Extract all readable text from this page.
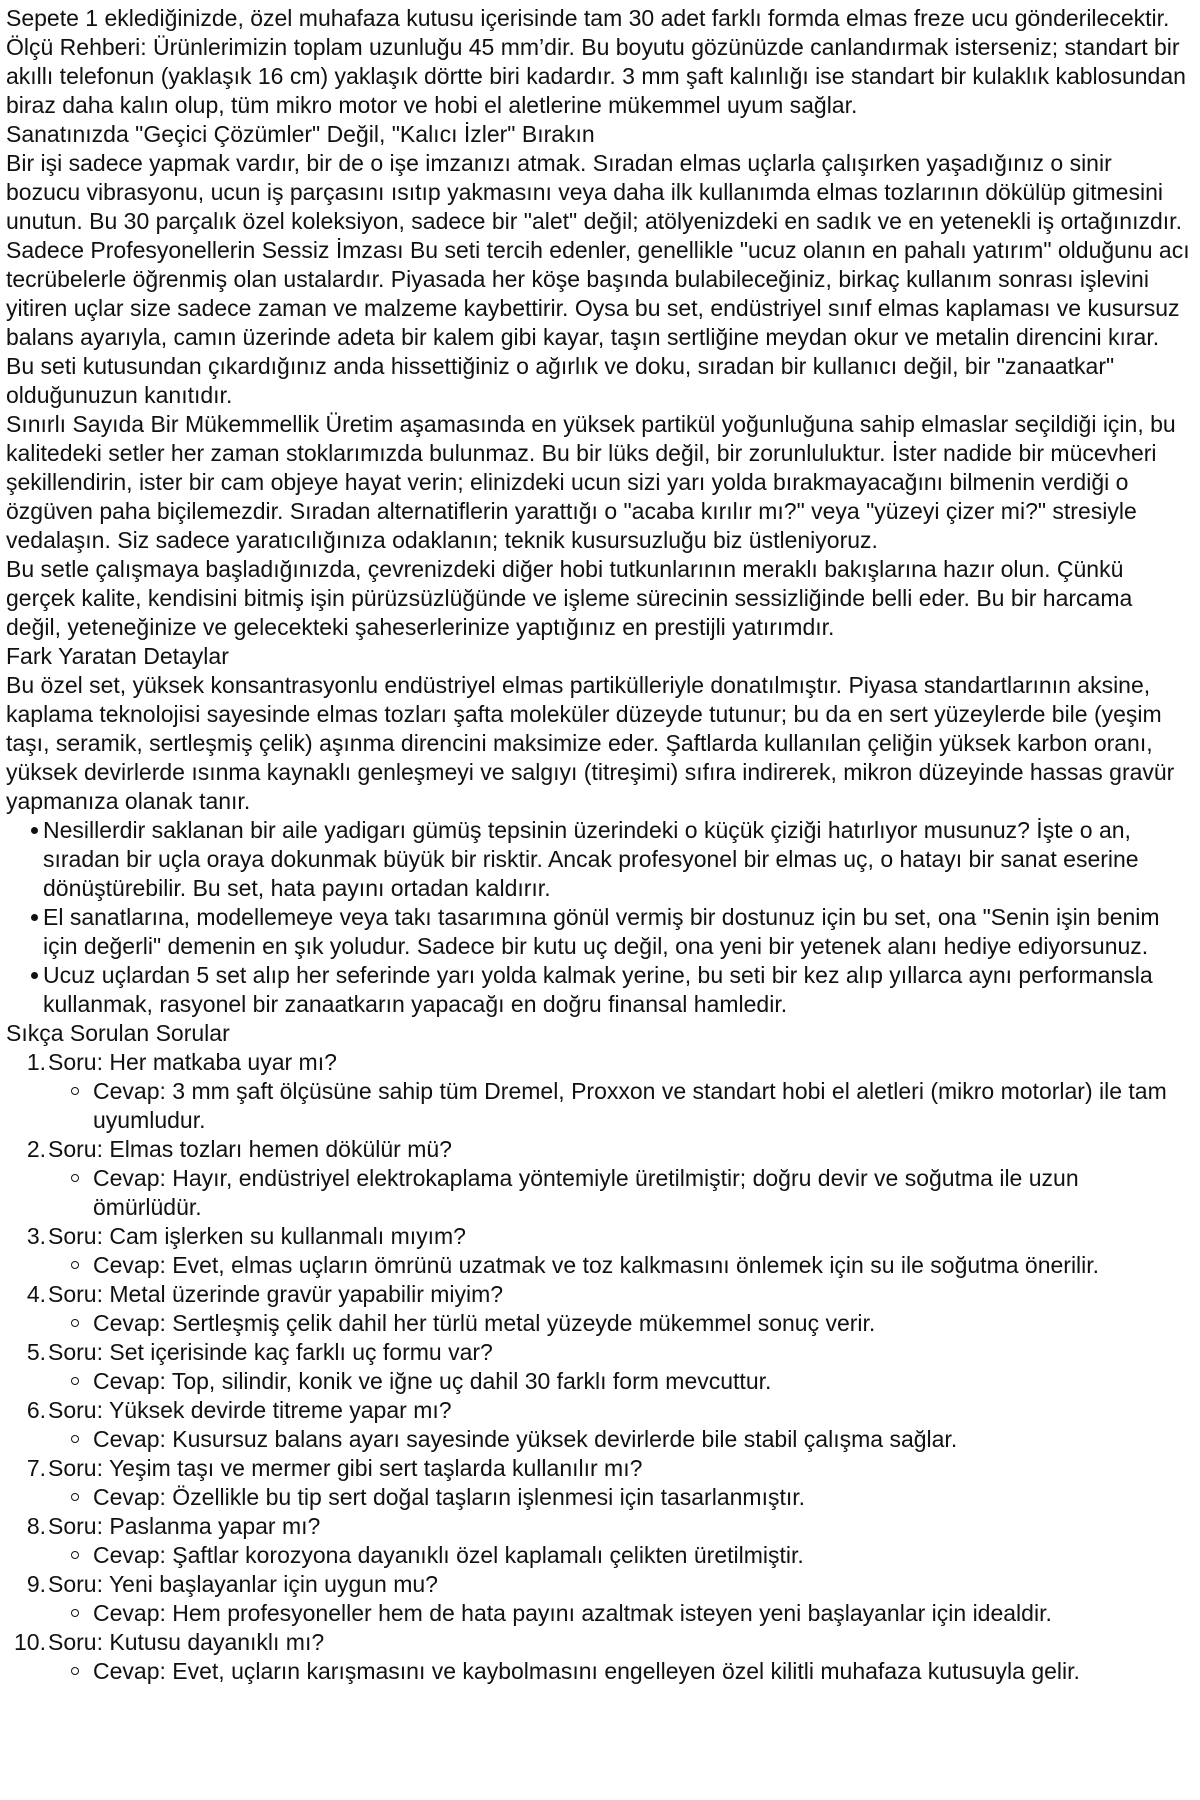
Sepete 1 eklediğinizde, özel muhafaza kutusu içerisinde tam 30 adet farklı formda elmas freze ucu gönderilecektir.

Ölçü Rehberi: Ürünlerimizin toplam uzunluğu 45 mm’dir. Bu boyutu gözünüzde canlandırmak isterseniz; standart bir akıllı telefonun (yaklaşık 16 cm) yaklaşık dörtte biri kadardır. 3 mm şaft kalınlığı ise standart bir kulaklık kablosundan biraz daha kalın olup, tüm mikro motor ve hobi el aletlerine mükemmel uyum sağlar.

Sanatınızda "Geçici Çözümler" Değil, "Kalıcı İzler" Bırakın

Bir işi sadece yapmak vardır, bir de o işe imzanızı atmak. Sıradan elmas uçlarla çalışırken yaşadığınız o sinir bozucu vibrasyonu, ucun iş parçasını ısıtıp yakmasını veya daha ilk kullanımda elmas tozlarının dökülüp gitmesini unutun. Bu 30 parçalık özel koleksiyon, sadece bir "alet" değil; atölyenizdeki en sadık ve en yetenekli iş ortağınızdır.

Sadece Profesyonellerin Sessiz İmzası Bu seti tercih edenler, genellikle "ucuz olanın en pahalı yatırım" olduğunu acı tecrübelerle öğrenmiş olan ustalardır. Piyasada her köşe başında bulabileceğiniz, birkaç kullanım sonrası işlevini yitiren uçlar size sadece zaman ve malzeme kaybettirir. Oysa bu set, endüstriyel sınıf elmas kaplaması ve kusursuz balans ayarıyla, camın üzerinde adeta bir kalem gibi kayar, taşın sertliğine meydan okur ve metalin direncini kırar. Bu seti kutusundan çıkardığınız anda hissettiğiniz o ağırlık ve doku, sıradan bir kullanıcı değil, bir "zanaatkar" olduğunuzun kanıtıdır.

Sınırlı Sayıda Bir Mükemmellik Üretim aşamasında en yüksek partikül yoğunluğuna sahip elmaslar seçildiği için, bu kalitedeki setler her zaman stoklarımızda bulunmaz. Bu bir lüks değil, bir zorunluluktur. İster nadide bir mücevheri şekillendirin, ister bir cam objeye hayat verin; elinizdeki ucun sizi yarı yolda bırakmayacağını bilmenin verdiği o özgüven paha biçilemezdir. Sıradan alternatiflerin yarattığı o "acaba kırılır mı?" veya "yüzeyi çizer mi?" stresiyle vedalaşın. Siz sadece yaratıcılığınıza odaklanın; teknik kusursuzluğu biz üstleniyoruz.

Bu setle çalışmaya başladığınızda, çevrenizdeki diğer hobi tutkunlarının meraklı bakışlarına hazır olun. Çünkü gerçek kalite, kendisini bitmiş işin pürüzsüzlüğünde ve işleme sürecinin sessizliğinde belli eder. Bu bir harcama değil, yeteneğinize ve gelecekteki şaheserlerinize yaptığınız en prestijli yatırımdır.

Fark Yaratan Detaylar

Bu özel set, yüksek konsantrasyonlu endüstriyel elmas partikülleriyle donatılmıştır. Piyasa standartlarının aksine, kaplama teknolojisi sayesinde elmas tozları şafta moleküler düzeyde tutunur; bu da en sert yüzeylerde bile (yeşim taşı, seramik, sertleşmiş çelik) aşınma direncini maksimize eder. Şaftlarda kullanılan çeliğin yüksek karbon oranı, yüksek devirlerde ısınma kaynaklı genleşmeyi ve salgıyı (titreşimi) sıfıra indirerek, mikron düzeyinde hassas gravür yapmanıza olanak tanır.

Nesillerdir saklanan bir aile yadigarı gümüş tepsinin üzerindeki o küçük çiziği hatırlıyor musunuz? İşte o an, sıradan bir uçla oraya dokunmak büyük bir risktir. Ancak profesyonel bir elmas uç, o hatayı bir sanat eserine dönüştürebilir. Bu set, hata payını ortadan kaldırır.
El sanatlarına, modellemeye veya takı tasarımına gönül vermiş bir dostunuz için bu set, ona "Senin işin benim için değerli" demenin en şık yoludur. Sadece bir kutu uç değil, ona yeni bir yetenek alanı hediye ediyorsunuz.
Ucuz uçlardan 5 set alıp her seferinde yarı yolda kalmak yerine, bu seti bir kez alıp yıllarca aynı performansla kullanmak, rasyonel bir zanaatkarın yapacağı en doğru finansal hamledir.

Sıkça Sorulan Sorular

1. Soru: Her matkaba uyar mı?
Cevap: 3 mm şaft ölçüsüne sahip tüm Dremel, Proxxon ve standart hobi el aletleri (mikro motorlar) ile tam uyumludur.
2. Soru: Elmas tozları hemen dökülür mü?
Cevap: Hayır, endüstriyel elektrokaplama yöntemiyle üretilmiştir; doğru devir ve soğutma ile uzun ömürlüdür.
3. Soru: Cam işlerken su kullanmalı mıyım?
Cevap: Evet, elmas uçların ömrünü uzatmak ve toz kalkmasını önlemek için su ile soğutma önerilir.
4. Soru: Metal üzerinde gravür yapabilir miyim?
Cevap: Sertleşmiş çelik dahil her türlü metal yüzeyde mükemmel sonuç verir.
5. Soru: Set içerisinde kaç farklı uç formu var?
Cevap: Top, silindir, konik ve iğne uç dahil 30 farklı form mevcuttur.
6. Soru: Yüksek devirde titreme yapar mı?
Cevap: Kusursuz balans ayarı sayesinde yüksek devirlerde bile stabil çalışma sağlar.
7. Soru: Yeşim taşı ve mermer gibi sert taşlarda kullanılır mı?
Cevap: Özellikle bu tip sert doğal taşların işlenmesi için tasarlanmıştır.
8. Soru: Paslanma yapar mı?
Cevap: Şaftlar korozyona dayanıklı özel kaplamalı çelikten üretilmiştir.
9. Soru: Yeni başlayanlar için uygun mu?
Cevap: Hem profesyoneller hem de hata payını azaltmak isteyen yeni başlayanlar için idealdir.
10. Soru: Kutusu dayanıklı mı?
Cevap: Evet, uçların karışmasını ve kaybolmasını engelleyen özel kilitli muhafaza kutusuyla gelir.
